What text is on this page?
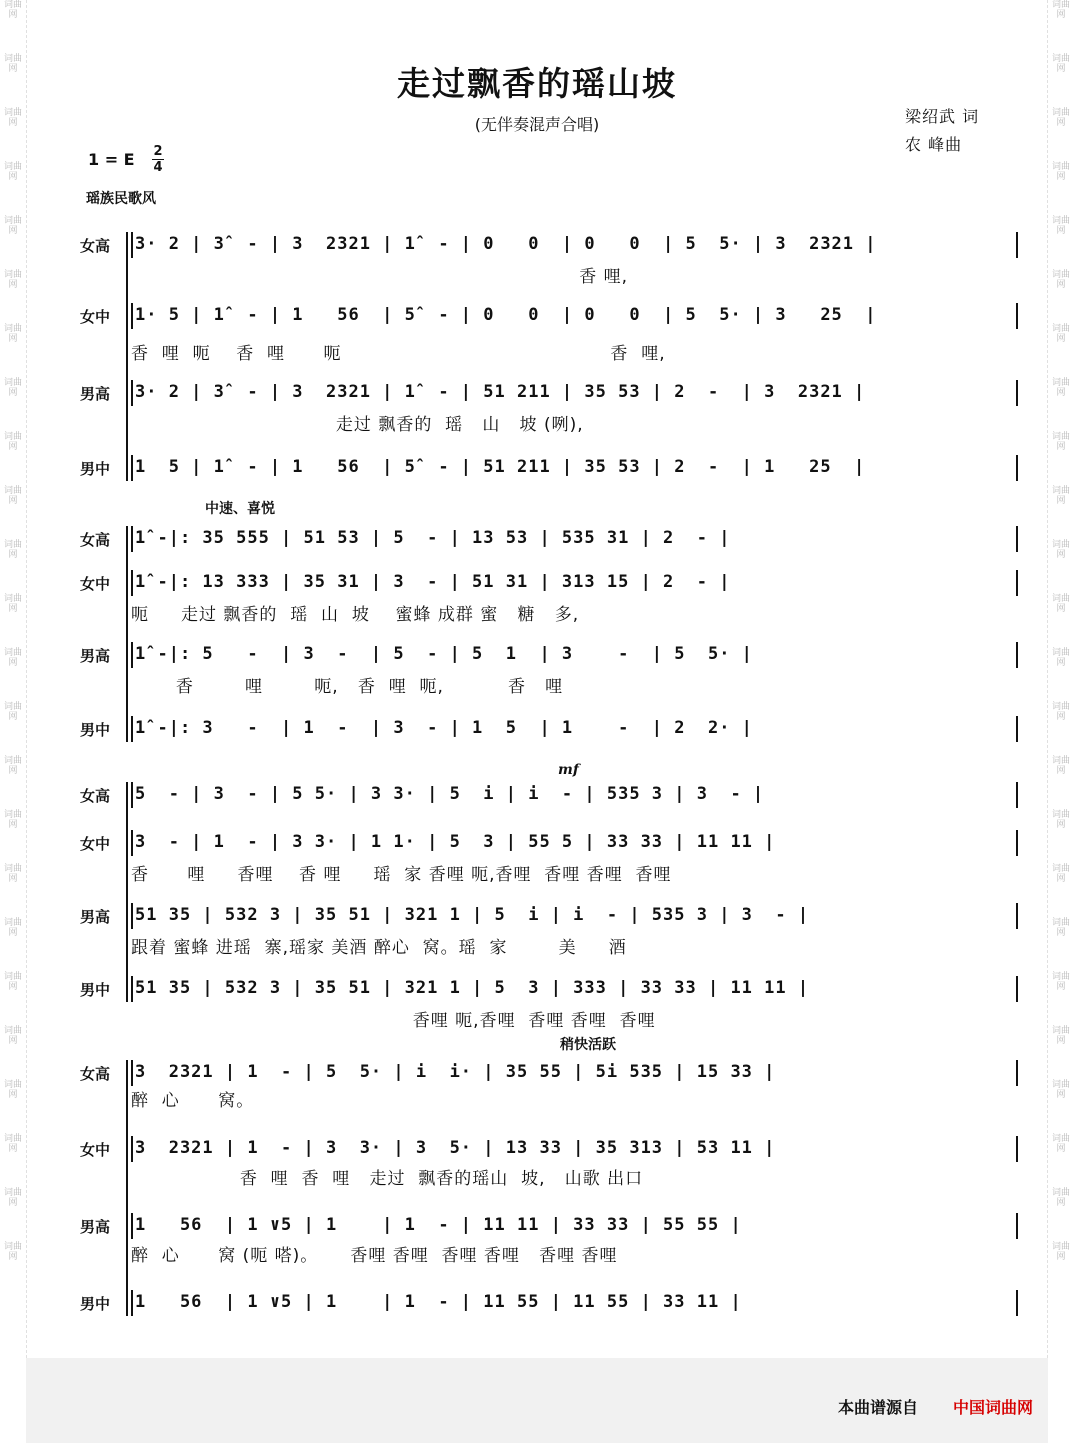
词曲网
词曲网
词曲网
词曲网
词曲网
词曲网
词曲网
词曲网
词曲网
词曲网
词曲网
词曲网
词曲网
词曲网
词曲网
词曲网
词曲网
词曲网
词曲网
词曲网
词曲网
词曲网
词曲网
词曲网
词曲网
词曲网
词曲网
词曲网
词曲网
词曲网
词曲网
词曲网
词曲网
词曲网
词曲网
词曲网
词曲网
词曲网
词曲网
词曲网
词曲网
词曲网
词曲网
词曲网
词曲网
词曲网
词曲网
词曲网
走过飘香的瑶山坡
(无伴奏混声合唱)	梁绍武 词
农 峰曲
1 = E 2
4
瑶族民歌风
中速、喜悦
稍快活跃
mf
女高 3· 2 | 3̂  - | 3  2321 | 1̂  - | 0   0  | 0   0  | 5  5· | 3  2321 |
香 哩,
女中 1· 5 | 1̂  - | 1   56  | 5̂  - | 0   0  | 0   0  | 5  5· | 3   25  |
香  哩  呃    香  哩      呃                                          香  哩,
男高 3· 2 | 3̂  - | 3  2321 | 1̂  - | 51 211 | 35 53 | 2  -  | 3  2321 |
走过 飘香的  瑶   山   坡 (咧),
男中 1  5 | 1̂  - | 1   56  | 5̂  - | 51 211 | 35 53 | 2  -  | 1   25  |
女高 1̂ -|: 35 555 | 51 53 | 5  - | 13 53 | 535 31 | 2  - |
女中 1̂ -|: 13 333 | 35 31 | 3  - | 51 31 | 313 15 | 2  - |
呃     走过 飘香的  瑶  山  坡    蜜蜂 成群 蜜   糖   多,
男高 1̂ -|: 5   -  | 3  -  | 5  - | 5  1  | 3    -  | 5  5· |
香        哩        呃,   香  哩  呃,          香   哩
男中 1̂ -|: 3   -  | 1  -  | 3  - | 1  5  | 1    -  | 2  2· |
女高 5  - | 3  - | 5 5· | 3 3· | 5  i | i  - | 535 3 | 3  - |
女中 3  - | 1  - | 3 3· | 1 1· | 5  3 | 55 5 | 33 33 | 11 11 |
香      哩     香哩    香 哩     瑶  家 香哩 呃,香哩  香哩 香哩  香哩
男高 51 35 | 532 3 | 35 51 | 321 1 | 5  i | i  - | 535 3 | 3  - |
跟着 蜜蜂 进瑶  寨,瑶家 美酒 醉心  窝。瑶  家        美     酒
男中 51 35 | 532 3 | 35 51 | 321 1 | 5  3 | 333 | 33 33 | 11 11 |
香哩 呃,香哩  香哩 香哩  香哩
女高 3  2321 | 1  - | 5  5· | i  i· | 35 55 | 5i 535 | 15 33 |
醉  心      窝。
女中 3  2321 | 1  - | 3  3· | 3  5· | 13 33 | 35 313 | 53 11 |
香  哩  香  哩   走过  飘香的瑶山  坡,   山歌 出口
男高 1   56  | 1 ∨5 | 1    | 1  - | 11 11 | 33 33 | 55 55 |
醉  心      窝 (呃 嗒)。     香哩 香哩  香哩 香哩   香哩 香哩
男中 1   56  | 1 ∨5 | 1    | 1  - | 11 55 | 11 55 | 33 11 |
本曲谱源自 中国词曲网
